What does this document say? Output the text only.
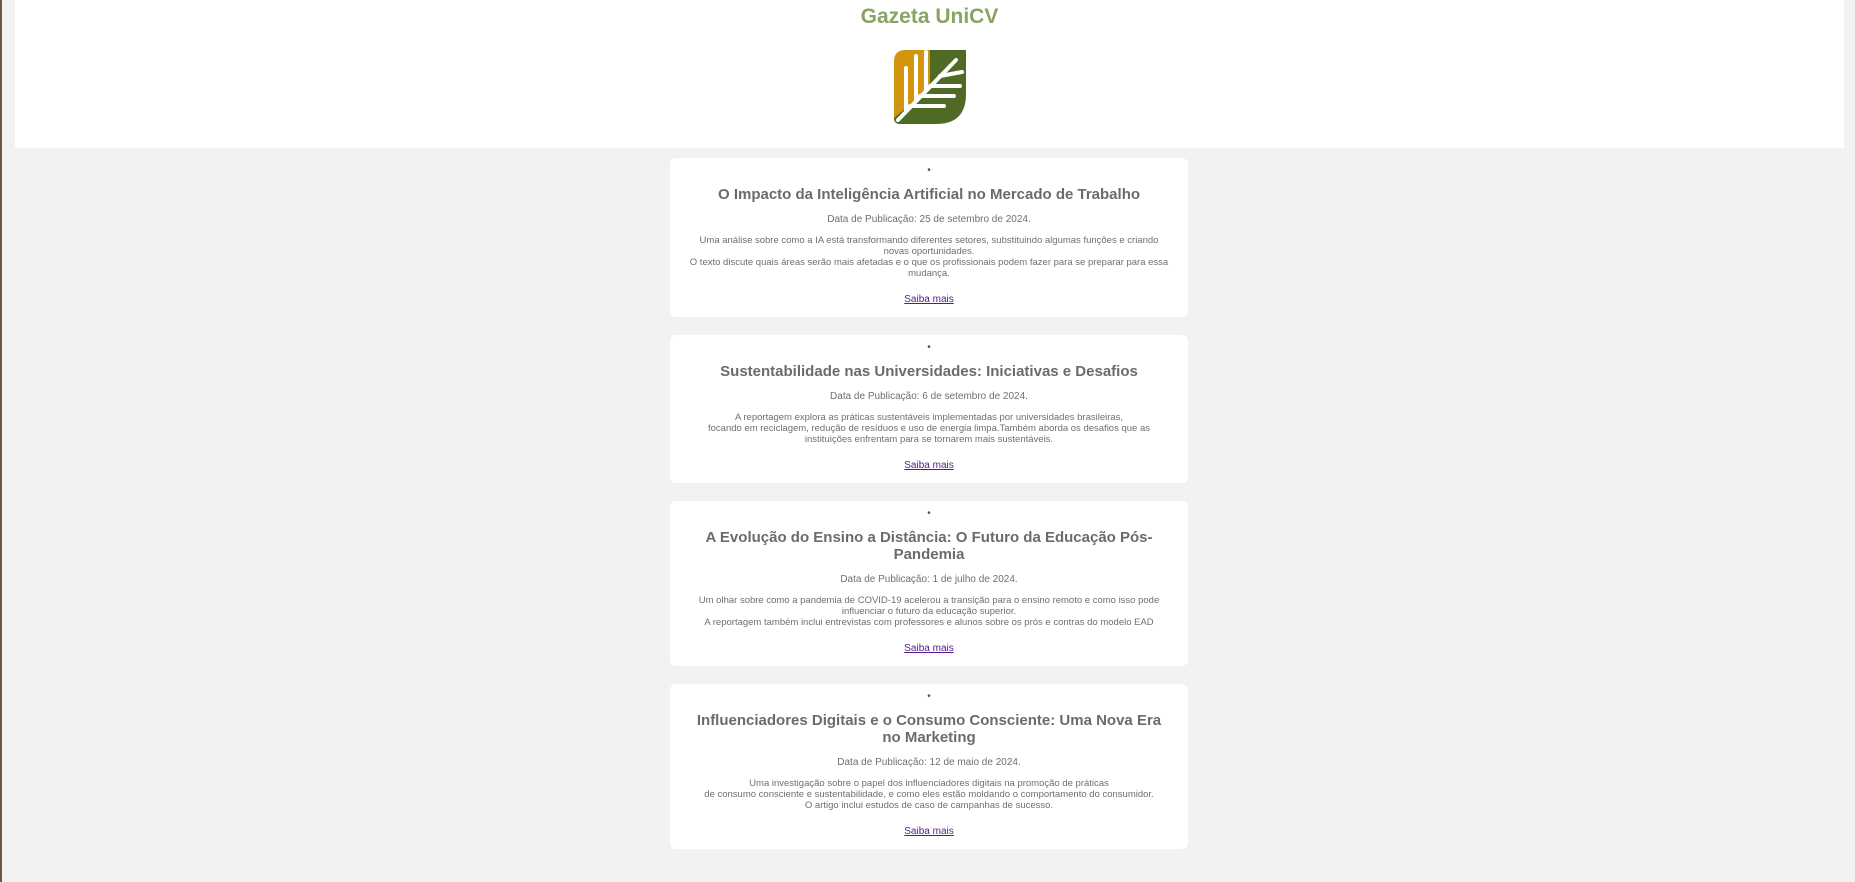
Gazeta UniCV
•
O Impacto da Inteligência Artificial no Mercado de Trabalho

Data de Publicação: 25 de setembro de 2024.

Uma análise sobre como a IA está transformando diferentes setores, substituindo algumas funções e criando novas oportunidades.
O texto discute quais áreas serão mais afetadas e o que os profissionais podem fazer para se preparar para essa mudança.

Saiba mais
•
Sustentabilidade nas Universidades: Iniciativas e Desafios

Data de Publicação: 6 de setembro de 2024.

A reportagem explora as práticas sustentáveis implementadas por universidades brasileiras,
focando em reciclagem, redução de resíduos e uso de energia limpa.Também aborda os desafios que as instituições enfrentam para se tornarem mais sustentáveis.

Saiba mais
•
A Evolução do Ensino a Distância: O Futuro da Educação Pós-Pandemia

Data de Publicação: 1 de julho de 2024.

Um olhar sobre como a pandemia de COVID-19 acelerou a transição para o ensino remoto e como isso pode influenciar o futuro da educação superior.
A reportagem também inclui entrevistas com professores e alunos sobre os prós e contras do modelo EAD

Saiba mais
•
Influenciadores Digitais e o Consumo Consciente: Uma Nova Era no Marketing

Data de Publicação: 12 de maio de 2024.

Uma investigação sobre o papel dos influenciadores digitais na promoção de práticas
de consumo consciente e sustentabilidade, e como eles estão moldando o comportamento do consumidor.
O artigo inclui estudos de caso de campanhas de sucesso.

Saiba mais
